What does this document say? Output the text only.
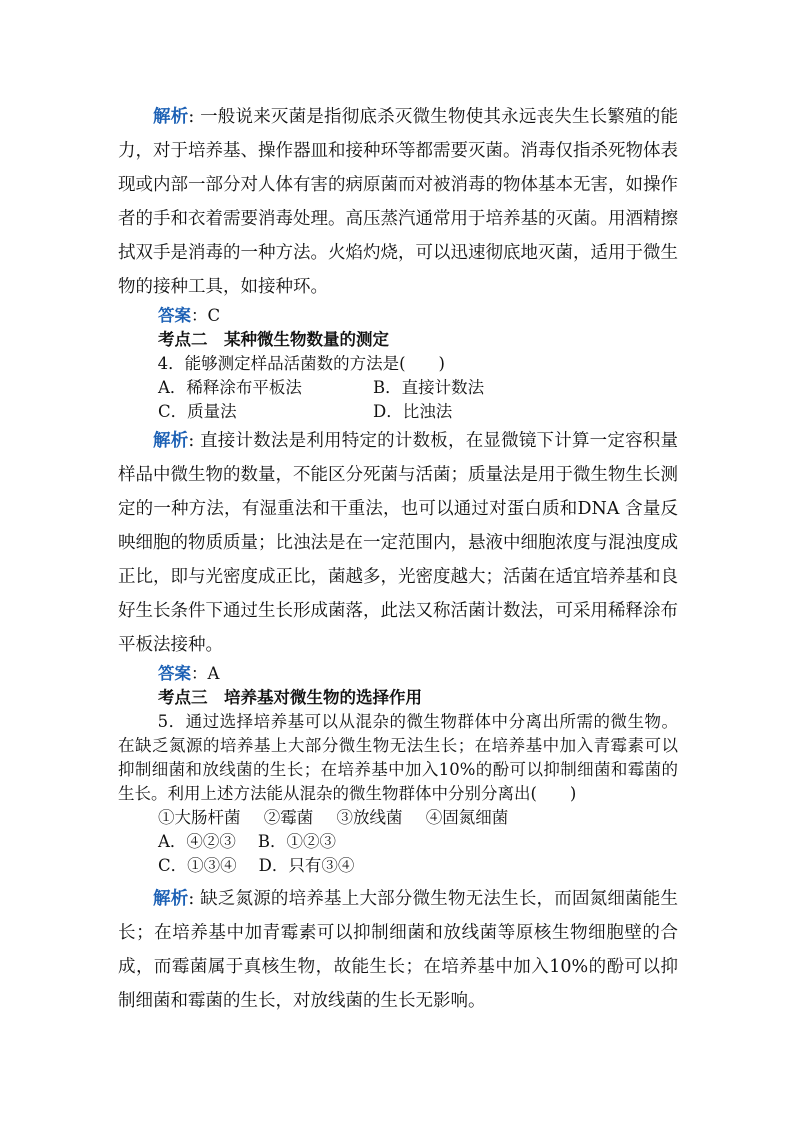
解析: 一般说来灭菌是指彻底杀灭微生物使其永远丧失生长繁殖的能力，对于培养基、操作器皿和接种环等都需要灭菌。消毒仅指杀死物体表现或内部一部分对人体有害的病原菌而对被消毒的物体基本无害，如操作者的手和衣着需要消毒处理。高压蒸汽通常用于培养基的灭菌。用酒精擦拭双手是消毒的一种方法。火焰灼烧，可以迅速彻底地灭菌，适用于微生物的接种工具，如接种环。

答案：C

考点二　某种微生物数量的测定

4．能够测定样品活菌数的方法是(　　)

A．稀释涂布平板法	B．直接计数法
C．质量法	D．比浊法

解析: 直接计数法是利用特定的计数板，在显微镜下计算一定容积量样品中微生物的数量，不能区分死菌与活菌；质量法是用于微生物生长测定的一种方法，有湿重法和干重法，也可以通过对蛋白质和DNA 含量反映细胞的物质质量；比浊法是在一定范围内，悬液中细胞浓度与混浊度成正比，即与光密度成正比，菌越多，光密度越大；活菌在适宜培养基和良好生长条件下通过生长形成菌落，此法又称活菌计数法，可采用稀释涂布平板法接种。

答案：A

考点三　培养基对微生物的选择作用

5．通过选择培养基可以从混杂的微生物群体中分离出所需的微生物。在缺乏氮源的培养基上大部分微生物无法生长；在培养基中加入青霉素可以抑制细菌和放线菌的生长；在培养基中加入10%的酚可以抑制细菌和霉菌的生长。利用上述方法能从混杂的微生物群体中分别分离出(　　)

①大肠杆菌 ②霉菌 ③放线菌 ④固氮细菌
A．④②③ B．①②③
C．①③④ D．只有③④

解析: 缺乏氮源的培养基上大部分微生物无法生长，而固氮细菌能生长；在培养基中加青霉素可以抑制细菌和放线菌等原核生物细胞壁的合成，而霉菌属于真核生物，故能生长；在培养基中加入10%的酚可以抑制细菌和霉菌的生长，对放线菌的生长无影响。
